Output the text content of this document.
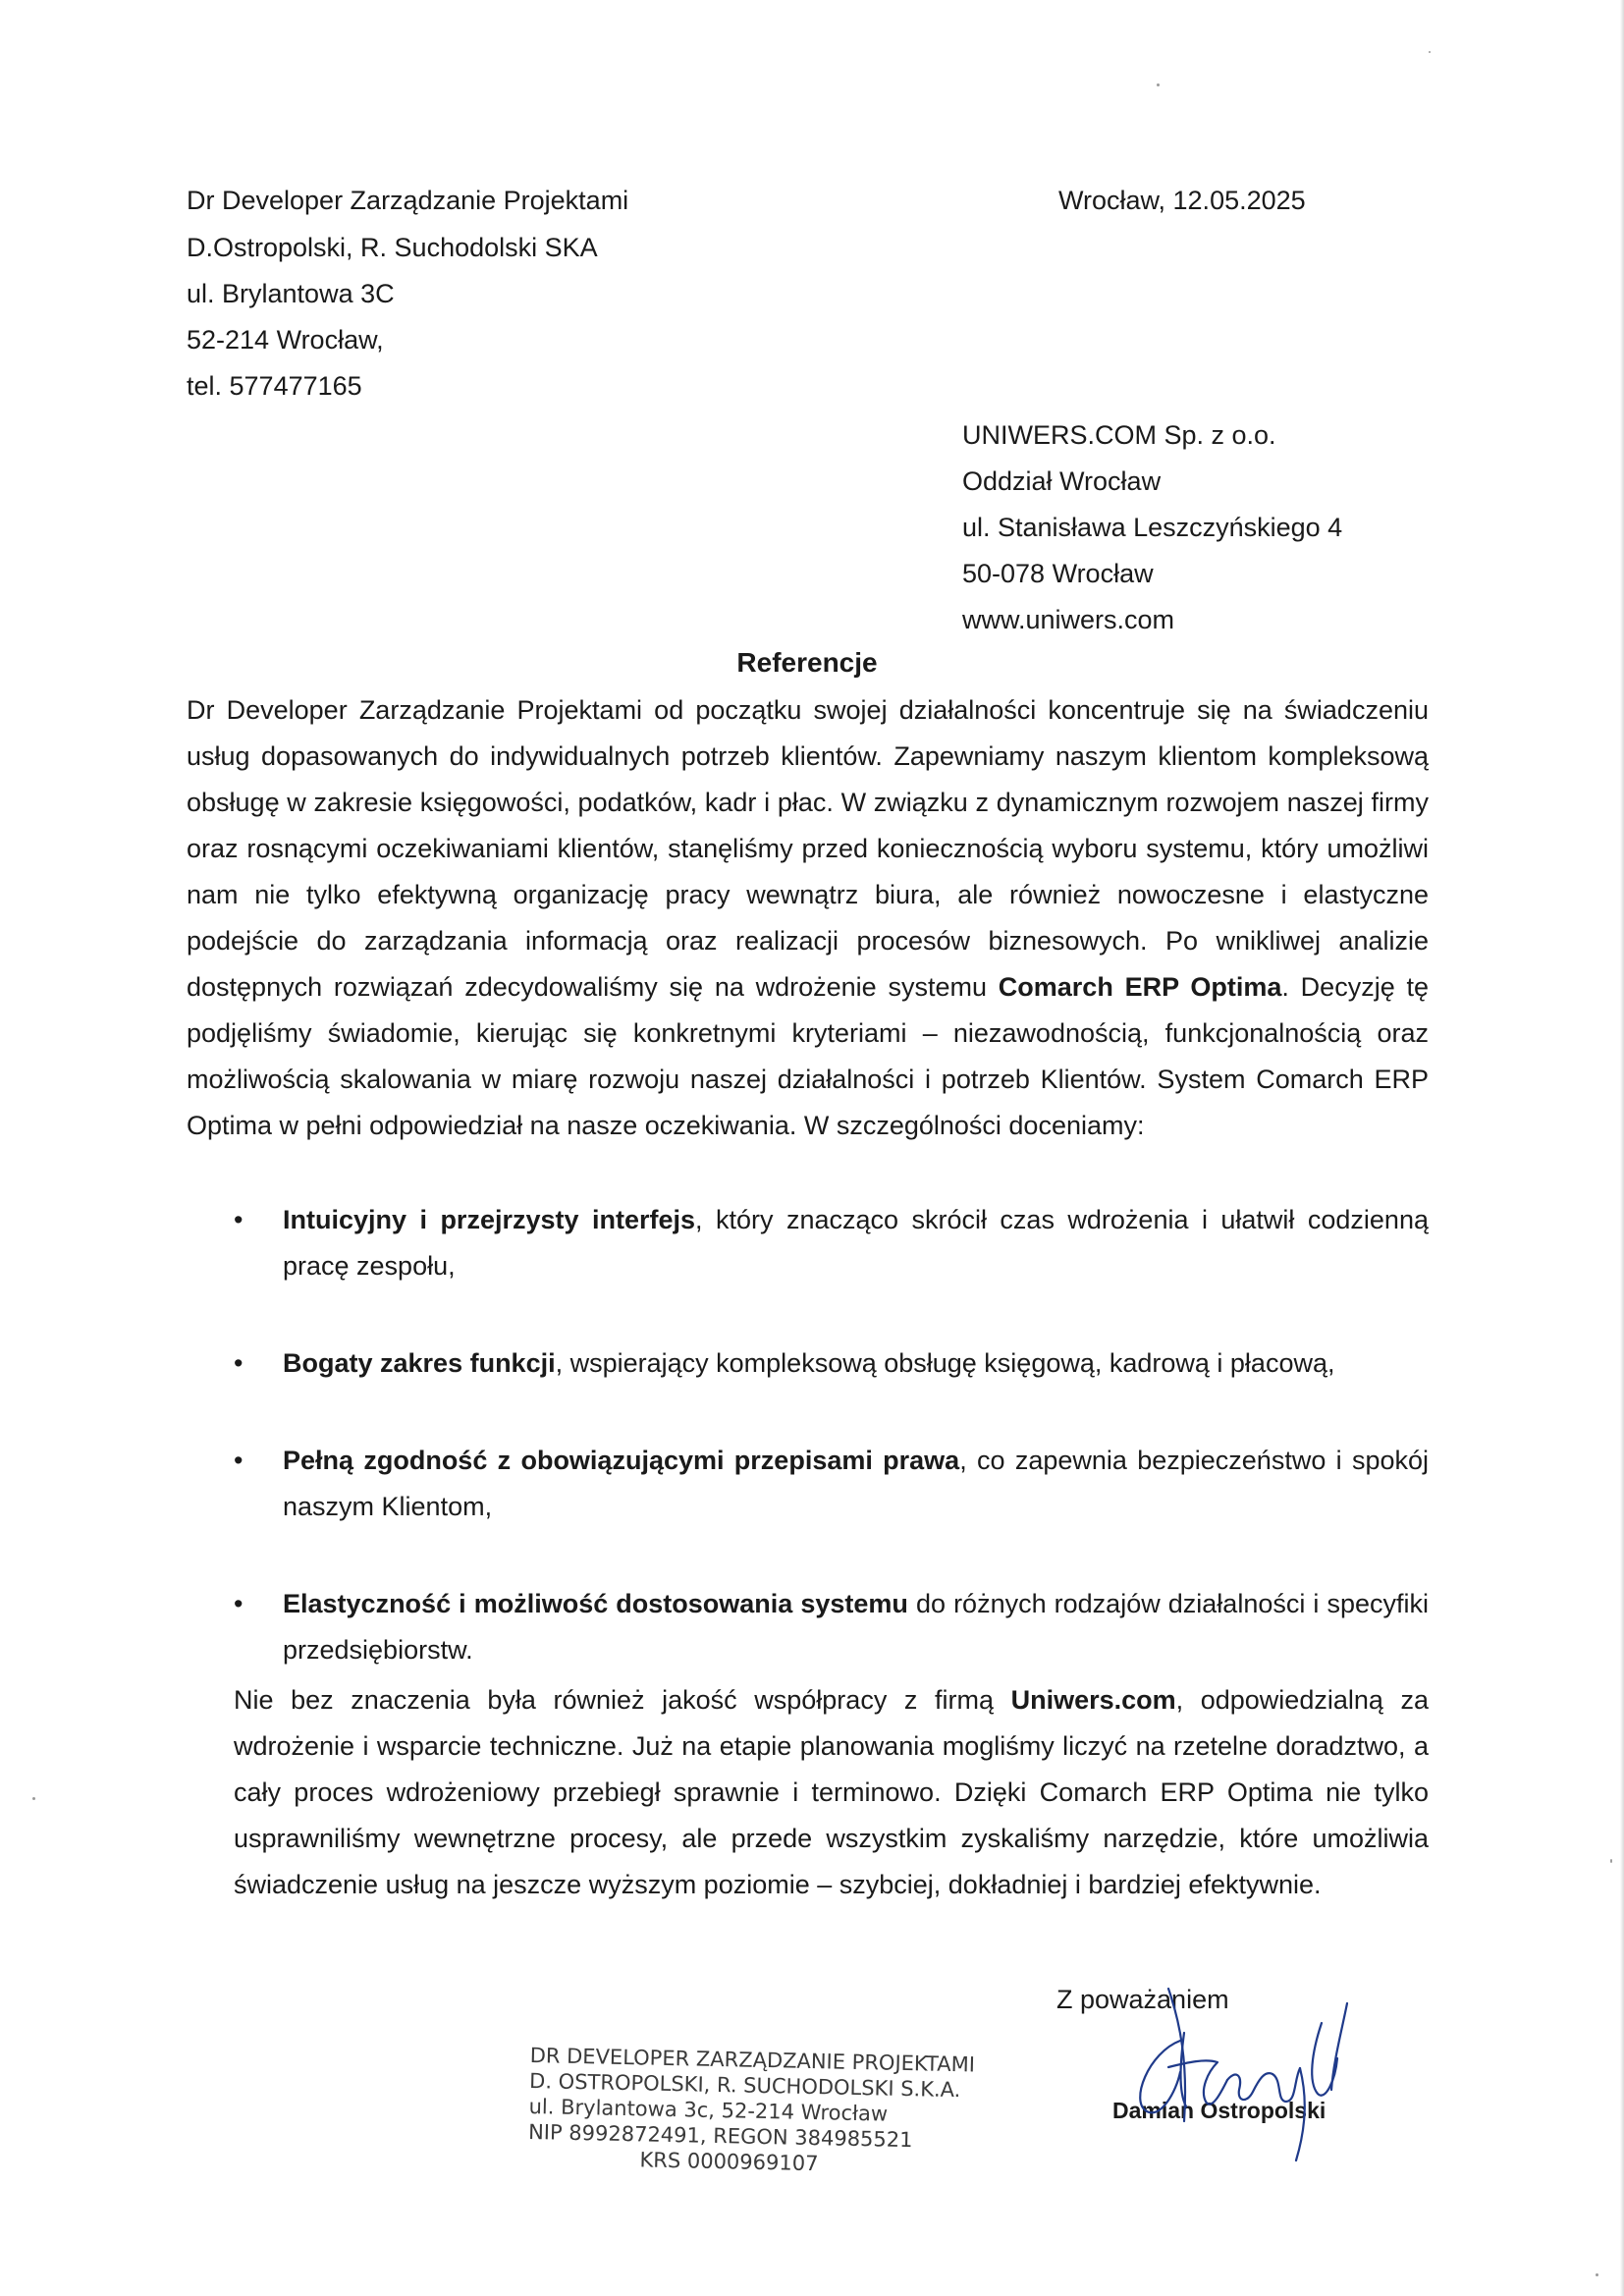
Dr Developer Zarządzanie Projektami
D.Ostropolski, R. Suchodolski SKA
ul. Brylantowa 3C
52-214 Wrocław,
tel. 577477165
Wrocław, 12.05.2025
UNIWERS.COM Sp. z o.o.
Oddział Wrocław
ul. Stanisława Leszczyńskiego 4
50-078 Wrocław
www.uniwers.com
Referencje
Dr Developer Zarządzanie Projektami od początku swojej działalności koncentruje się na świadczeniu usług dopasowanych do indywidualnych potrzeb klientów. Zapewniamy naszym klientom kompleksową obsługę w zakresie księgowości, podatków, kadr i płac. W związku z dynamicznym rozwojem naszej firmy oraz rosnącymi oczekiwaniami klientów, stanęliśmy przed koniecznością wyboru systemu, który umożliwi nam nie tylko efektywną organizację pracy wewnątrz biura, ale również nowoczesne i elastyczne podejście do zarządzania informacją oraz realizacji procesów biznesowych. Po wnikliwej analizie dostępnych rozwiązań zdecydowaliśmy się na wdrożenie systemu Comarch ERP Optima. Decyzję tę podjęliśmy świadomie, kierując się konkretnymi kryteriami – niezawodnością, funkcjonalnością oraz możliwością skalowania w miarę rozwoju naszej działalności i potrzeb Klientów. System Comarch ERP Optima w pełni odpowiedział na nasze oczekiwania. W szczególności doceniamy:
•	Intuicyjny i przejrzysty interfejs, który znacząco skrócił czas wdrożenia i ułatwił codzienną pracę zespołu,
•	Bogaty zakres funkcji, wspierający kompleksową obsługę księgową, kadrową i płacową,
•	Pełną zgodność z obowiązującymi przepisami prawa, co zapewnia bezpieczeństwo i spokój naszym Klientom,
•	Elastyczność i możliwość dostosowania systemu do różnych rodzajów działalności i specyfiki przedsiębiorstw.
Nie bez znaczenia była również jakość współpracy z firmą Uniwers.com, odpowiedzialną za wdrożenie i wsparcie techniczne. Już na etapie planowania mogliśmy liczyć na rzetelne doradztwo, a cały proces wdrożeniowy przebiegł sprawnie i terminowo. Dzięki Comarch ERP Optima nie tylko usprawniliśmy wewnętrzne procesy, ale przede wszystkim zyskaliśmy narzędzie, które umożliwia świadczenie usług na jeszcze wyższym poziomie – szybciej, dokładniej i bardziej efektywnie.
DR DEVELOPER ZARZĄDZANIE PROJEKTAMI
D. OSTROPOLSKI, R. SUCHODOLSKI S.K.A.
ul. Brylantowa 3c, 52-214 Wrocław
NIP 8992872491, REGON 384985521
KRS 0000969107
Z poważaniem
Damian Ostropolski
